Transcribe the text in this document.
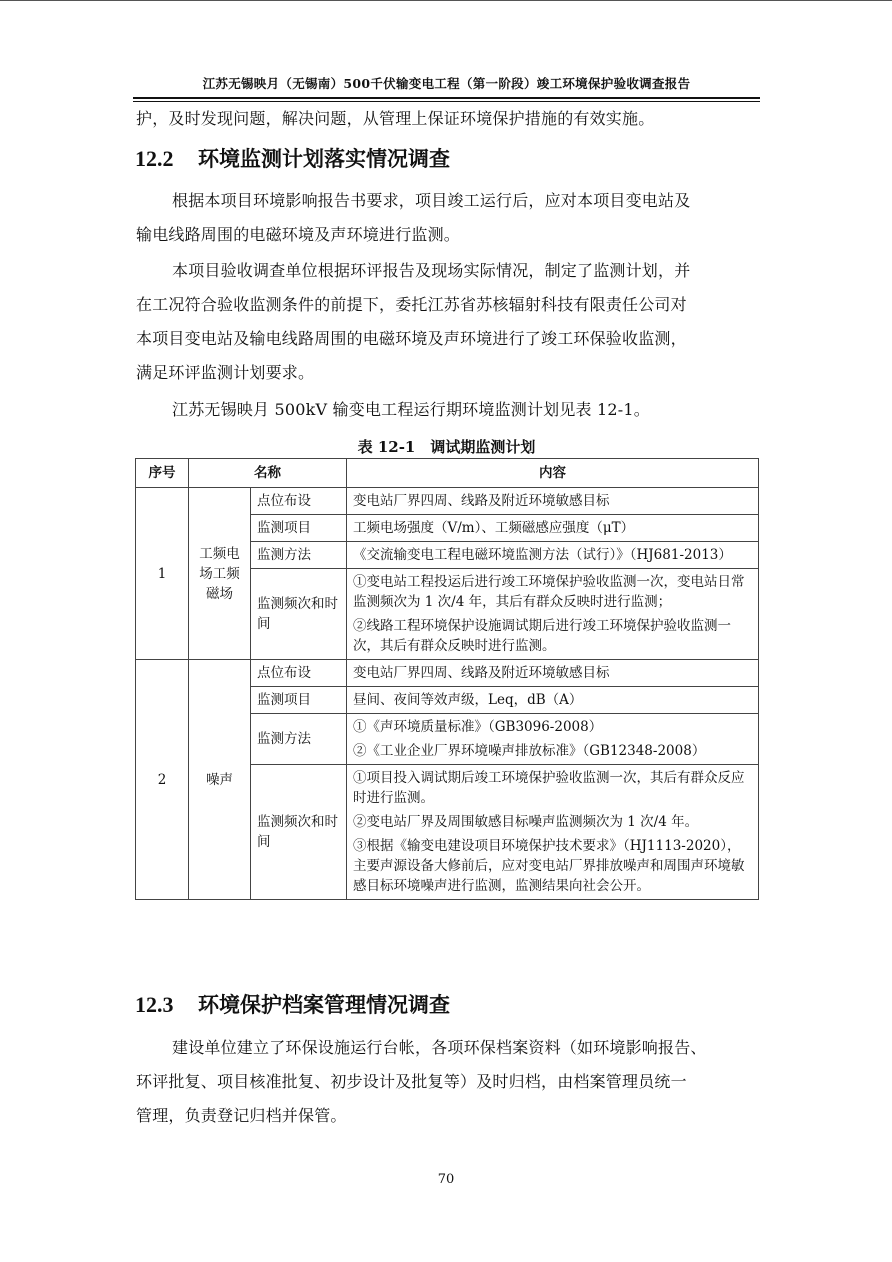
江苏无锡映月（无锡南）500千伏输变电工程（第一阶段）竣工环境保护验收调查报告
护，及时发现问题，解决问题，从管理上保证环境保护措施的有效实施。
12.2 环境监测计划落实情况调查
根据本项目环境影响报告书要求，项目竣工运行后，应对本项目变电站及
输电线路周围的电磁环境及声环境进行监测。
本项目验收调查单位根据环评报告及现场实际情况，制定了监测计划，并
在工况符合验收监测条件的前提下，委托江苏省苏核辐射科技有限责任公司对
本项目变电站及输电线路周围的电磁环境及声环境进行了竣工环保验收监测，
满足环评监测计划要求。
江苏无锡映月 500kV 输变电工程运行期环境监测计划见表 12-1。
表 12-1　调试期监测计划
序号	名称		内容
1	工频电场工频磁场	点位布设	变电站厂界四周、线路及附近环境敏感目标

		监测项目	工频电场强度（V/m）、工频磁感应强度（μT）

		监测方法	《交流输变电工程电磁环境监测方法（试行）》（HJ681-2013）

		监测频次和时间	①变电站工程投运后进行竣工环境保护验收监测一次，变电站日常监测频次为 1 次/4 年，其后有群众反映时进行监测；

②线路工程环境保护设施调试期后进行竣工环境保护验收监测一次，其后有群众反映时进行监测。

2	噪声	点位布设	变电站厂界四周、线路及附近环境敏感目标

		监测项目	昼间、夜间等效声级，Leq，dB（A）

		监测方法	①《声环境质量标准》（GB3096-2008）

②《工业企业厂界环境噪声排放标准》（GB12348-2008）

		监测频次和时间	①项目投入调试期后竣工环境保护验收监测一次，其后有群众反应时进行监测。

②变电站厂界及周围敏感目标噪声监测频次为 1 次/4 年。

③根据《输变电建设项目环境保护技术要求》（HJ1113-2020），主要声源设备大修前后，应对变电站厂界排放噪声和周围声环境敏感目标环境噪声进行监测，监测结果向社会公开。

12.3 环境保护档案管理情况调查
建设单位建立了环保设施运行台帐，各项环保档案资料（如环境影响报告、
环评批复、项目核准批复、初步设计及批复等）及时归档，由档案管理员统一
管理，负责登记归档并保管。
70
